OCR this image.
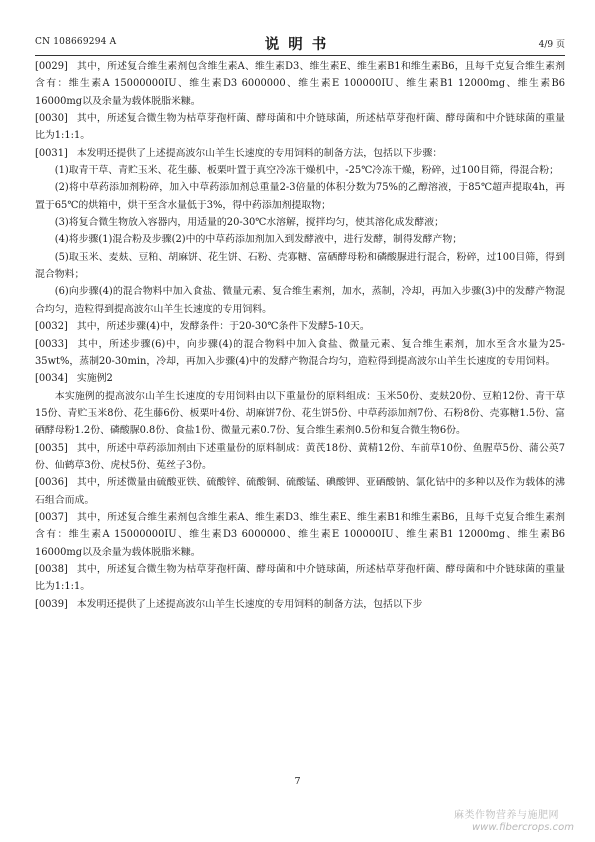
CN 108669294 A	说明书	4/9 页

[0029] 其中，所述复合维生素剂包含维生素A、维生素D3、维生素E、维生素B1和维生素B6，且每千克复合维生素剂含有：维生素A 15000000IU、维生素D3 6000000、维生素E 100000IU、维生素B1 12000mg、维生素B6 16000mg以及余量为载体脱脂米糠。

[0030] 其中，所述复合微生物为枯草芽孢杆菌、酵母菌和中介链球菌，所述枯草芽孢杆菌、酵母菌和中介链球菌的重量比为1:1:1。

[0031] 本发明还提供了上述提高波尔山羊生长速度的专用饲料的制备方法，包括以下步骤：

(1)取青干草、青贮玉米、花生藤、板栗叶置于真空冷冻干燥机中，-25℃冷冻干燥，粉碎，过100目筛，得混合粉；

(2)将中草药添加剂粉碎，加入中草药添加剂总重量2-3倍量的体积分数为75%的乙醇溶液，于85℃超声提取4h，再置于65℃的烘箱中，烘干至含水量低于3%，得中药添加剂提取物；

(3)将复合微生物放入容器内，用适量的20-30℃水溶解，搅拌均匀，使其溶化成发酵液；

(4)将步骤(1)混合粉及步骤(2)中的中草药添加剂加入到发酵液中，进行发酵，制得发酵产物；

(5)取玉米、麦麸、豆粕、胡麻饼、花生饼、石粉、壳寡糖、富硒酵母粉和磷酸脲进行混合，粉碎，过100目筛，得到混合物料；

(6)向步骤(4)的混合物料中加入食盐、微量元素、复合维生素剂，加水，蒸制，冷却，再加入步骤(3)中的发酵产物混合均匀，造粒得到提高波尔山羊生长速度的专用饲料。

[0032] 其中，所述步骤(4)中，发酵条件：于20-30℃条件下发酵5-10天。

[0033] 其中，所述步骤(6)中，向步骤(4)的混合物料中加入食盐、微量元素、复合维生素剂，加水至含水量为25-35wt%，蒸制20-30min，冷却，再加入步骤(4)中的发酵产物混合均匀，造粒得到提高波尔山羊生长速度的专用饲料。

[0034] 实施例2

本实施例的提高波尔山羊生长速度的专用饲料由以下重量份的原料组成：玉米50份、麦麸20份、豆粕12份、青干草15份、青贮玉米8份、花生藤6份、板栗叶4份、胡麻饼7份、花生饼5份、中草药添加剂7份、石粉8份、壳寡糖1.5份、富硒酵母粉1.2份、磷酸脲0.8份、食盐1份、微量元素0.7份、复合维生素剂0.5份和复合微生物6份。

[0035] 其中，所述中草药添加剂由下述重量份的原料制成：黄芪18份、黄精12份、车前草10份、鱼腥草5份、蒲公英7份、仙鹤草3份、虎杖5份、菟丝子3份。

[0036] 其中，所述微量由硫酸亚铁、硫酸锌、硫酸铜、硫酸锰、碘酸钾、亚硒酸钠、氯化钴中的多种以及作为载体的沸石组合而成。

[0037] 其中，所述复合维生素剂包含维生素A、维生素D3、维生素E、维生素B1和维生素B6，且每千克复合维生素剂含有：维生素A 15000000IU、维生素D3 6000000、维生素E 100000IU、维生素B1 12000mg、维生素B6 16000mg以及余量为载体脱脂米糠。

[0038] 其中，所述复合微生物为枯草芽孢杆菌、酵母菌和中介链球菌，所述枯草芽孢杆菌、酵母菌和中介链球菌的重量比为1:1:1。

[0039] 本发明还提供了上述提高波尔山羊生长速度的专用饲料的制备方法，包括以下步

7
麻类作物营养与施肥网
www.fibercrops.com
